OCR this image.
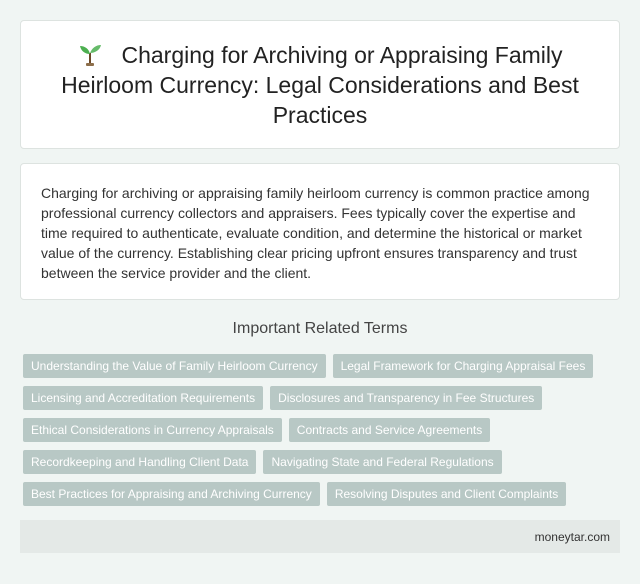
Charging for Archiving or Appraising Family Heirloom Currency: Legal Considerations and Best Practices

Charging for archiving or appraising family heirloom currency is common practice among professional currency collectors and appraisers. Fees typically cover the expertise and time required to authenticate, evaluate condition, and determine the historical or market value of the currency. Establishing clear pricing upfront ensures transparency and trust between the service provider and the client.

Important Related Terms
Understanding the Value of Family Heirloom Currency	Legal Framework for Charging Appraisal Fees
Licensing and Accreditation Requirements	Disclosures and Transparency in Fee Structures
Ethical Considerations in Currency Appraisals	Contracts and Service Agreements
Recordkeeping and Handling Client Data	Navigating State and Federal Regulations
Best Practices for Appraising and Archiving Currency	Resolving Disputes and Client Complaints
moneytar.com
